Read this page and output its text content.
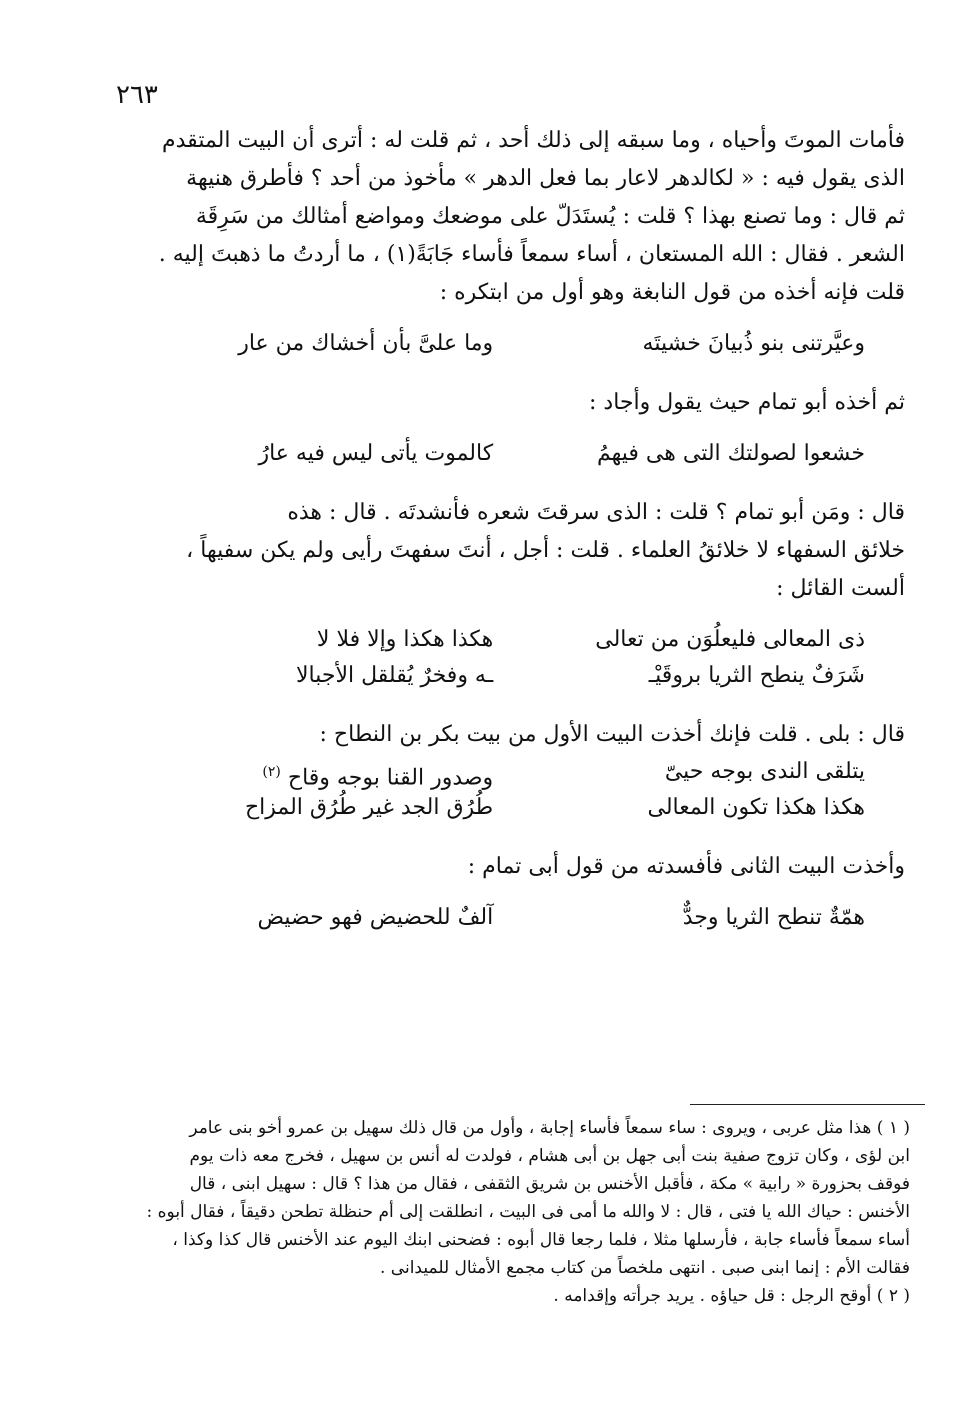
٢٦٣
فأمات الموتَ وأحياه ، وما سبقه إلى ذلك أحد ، ثم قلت له : أترى أن البيت المتقدم
الذى يقول فيه : « لكالدهر لاعار بما فعل الدهر » مأخوذ من أحد ؟ فأطرق هنيهة
ثم قال : وما تصنع بهذا ؟ قلت : يُستَدَلّ على موضعك ومواضع أمثالك من سَرِقَة
الشعر . فقال : الله المستعان ، أساء سمعاً فأساء جَابَةً(١) ، ما أردتُ ما ذهبتَ إليه .
قلت فإنه أخذه من قول النابغة وهو أول من ابتكره :
وعيَّرتنى بنو ذُبيانَ خشيتَه
وما علىَّ بأن أخشاك من عار
ثم أخذه أبو تمام حيث يقول وأجاد :
خشعوا لصولتك التى هى فيهمُ
كالموت يأتى ليس فيه عارُ
قال : ومَن أبو تمام ؟ قلت : الذى سرقتَ شعره فأنشدتَه . قال : هذه
خلائق السفهاء لا خلائقُ العلماء . قلت : أجل ، أنتَ سفهتَ رأيى ولم يكن سفيهاً ،
ألست القائل :
ذى المعالى فليعلُوَن من تعالى
هكذا هكذا وإلا فلا لا
شَرَفٌ ينطح الثريا بروقَيْـ
ـه وفخرٌ يُقلقل الأجبالا
قال : بلى . قلت فإنك أخذت البيت الأول من بيت بكر بن النطاح :
يتلقى الندى بوجه حيىّ
وصدور القنا بوجه وقاح $^{(٢)}$
هكذا هكذا تكون المعالى
طُرُق الجد غير طُرُق المزاح
وأخذت البيت الثانى فأفسدته من قول أبى تمام :
همّةٌ تنطح الثريا وجدٌّ
آلفٌ للحضيض فهو حضيض
( ١ ) هذا مثل عربى ، ويروى : ساء سمعاً فأساء إجابة ، وأول من قال ذلك سهيل بن عمرو أخو بنى عامر
ابن لؤى ، وكان تزوج صفية بنت أبى جهل بن أبى هشام ، فولدت له أنس بن سهيل ، فخرج معه ذات يوم
فوقف بحزورة « رابية » مكة ، فأقبل الأخنس بن شريق الثقفى ، فقال من هذا ؟ قال : سهيل ابنى ، قال
الأخنس : حياك الله يا فتى ، قال : لا والله ما أمى فى البيت ، انطلقت إلى أم حنظلة تطحن دقيقاً ، فقال أبوه :
أساء سمعاً فأساء جابة ، فأرسلها مثلا ، فلما رجعا قال أبوه : فضحنى ابنك اليوم عند الأخنس قال كذا وكذا ،
فقالت الأم : إنما ابنى صبى . انتهى ملخصاً من كتاب مجمع الأمثال للميدانى .
( ٢ ) أوقح الرجل : قل حياؤه . يريد جرأته وإقدامه .
